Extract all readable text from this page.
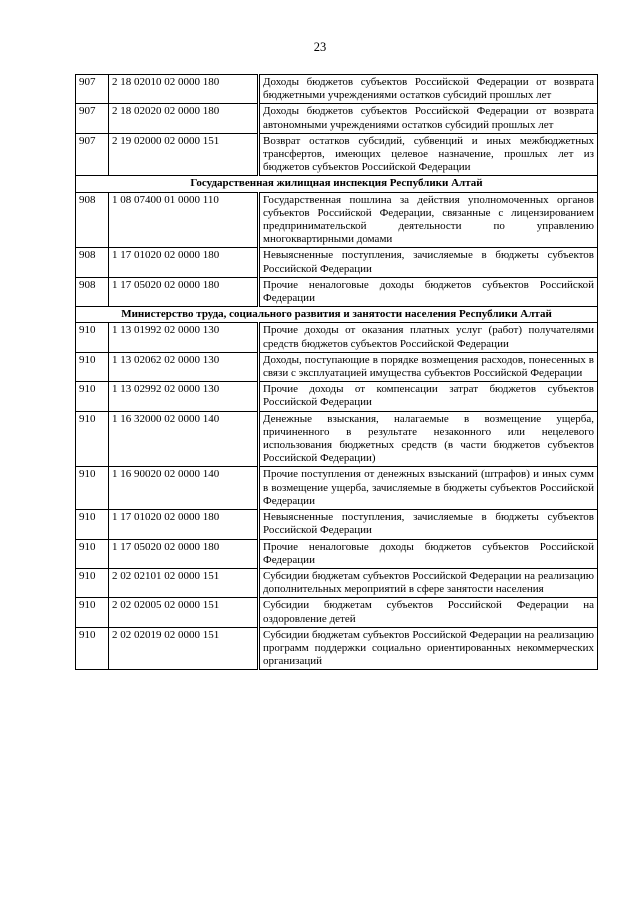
23
907	2 18 02010 02 0000 180	Доходы бюджетов субъектов Российской Федерации от возврата бюджетными учреждениями остатков субсидий прошлых лет
907	2 18 02020 02 0000 180	Доходы бюджетов субъектов Российской Федерации от возврата автономными учреждениями остатков субсидий прошлых лет
907	2 19 02000 02 0000 151	Возврат остатков субсидий, субвенций и иных межбюджетных трансфертов, имеющих целевое назначение, прошлых лет из бюджетов субъектов Российской Федерации
Государственная жилищная инспекция Республики Алтай		
908	1 08 07400 01 0000 110	Государственная пошлина за действия уполномоченных органов субъектов Российской Федерации, связанные с лицензированием предпринимательской деятельности по управлению многоквартирными домами
908	1 17 01020 02 0000 180	Невыясненные поступления, зачисляемые в бюджеты субъектов Российской Федерации
908	1 17 05020 02 0000 180	Прочие неналоговые доходы бюджетов субъектов Российской Федерации
Министерство труда, социального развития и занятости населения Республики Алтай		
910	1 13 01992 02 0000 130	Прочие доходы от оказания платных услуг (работ) получателями средств бюджетов субъектов Российской Федерации
910	1 13 02062 02 0000 130	Доходы, поступающие в порядке возмещения расходов, понесенных в связи с эксплуатацией имущества субъектов Российской Федерации
910	1 13 02992 02 0000 130	Прочие доходы от компенсации затрат бюджетов субъектов Российской Федерации
910	1 16 32000 02 0000 140	Денежные взыскания, налагаемые в возмещение ущерба, причиненного в результате незаконного или нецелевого использования бюджетных средств (в части бюджетов субъектов Российской Федерации)
910	1 16 90020 02 0000 140	Прочие поступления от денежных взысканий (штрафов) и иных сумм в возмещение ущерба, зачисляемые в бюджеты субъектов Российской Федерации
910	1 17 01020 02 0000 180	Невыясненные поступления, зачисляемые в бюджеты субъектов Российской Федерации
910	1 17 05020 02 0000 180	Прочие неналоговые доходы бюджетов субъектов Российской Федерации
910	2 02 02101 02 0000 151	Субсидии бюджетам субъектов Российской Федерации на реализацию дополнительных мероприятий в сфере занятости населения
910	2 02 02005 02 0000 151	Субсидии бюджетам субъектов Российской Федерации на оздоровление детей
910	2 02 02019 02 0000 151	Субсидии бюджетам субъектов Российской Федерации на реализацию программ поддержки социально ориентированных некоммерческих организаций
